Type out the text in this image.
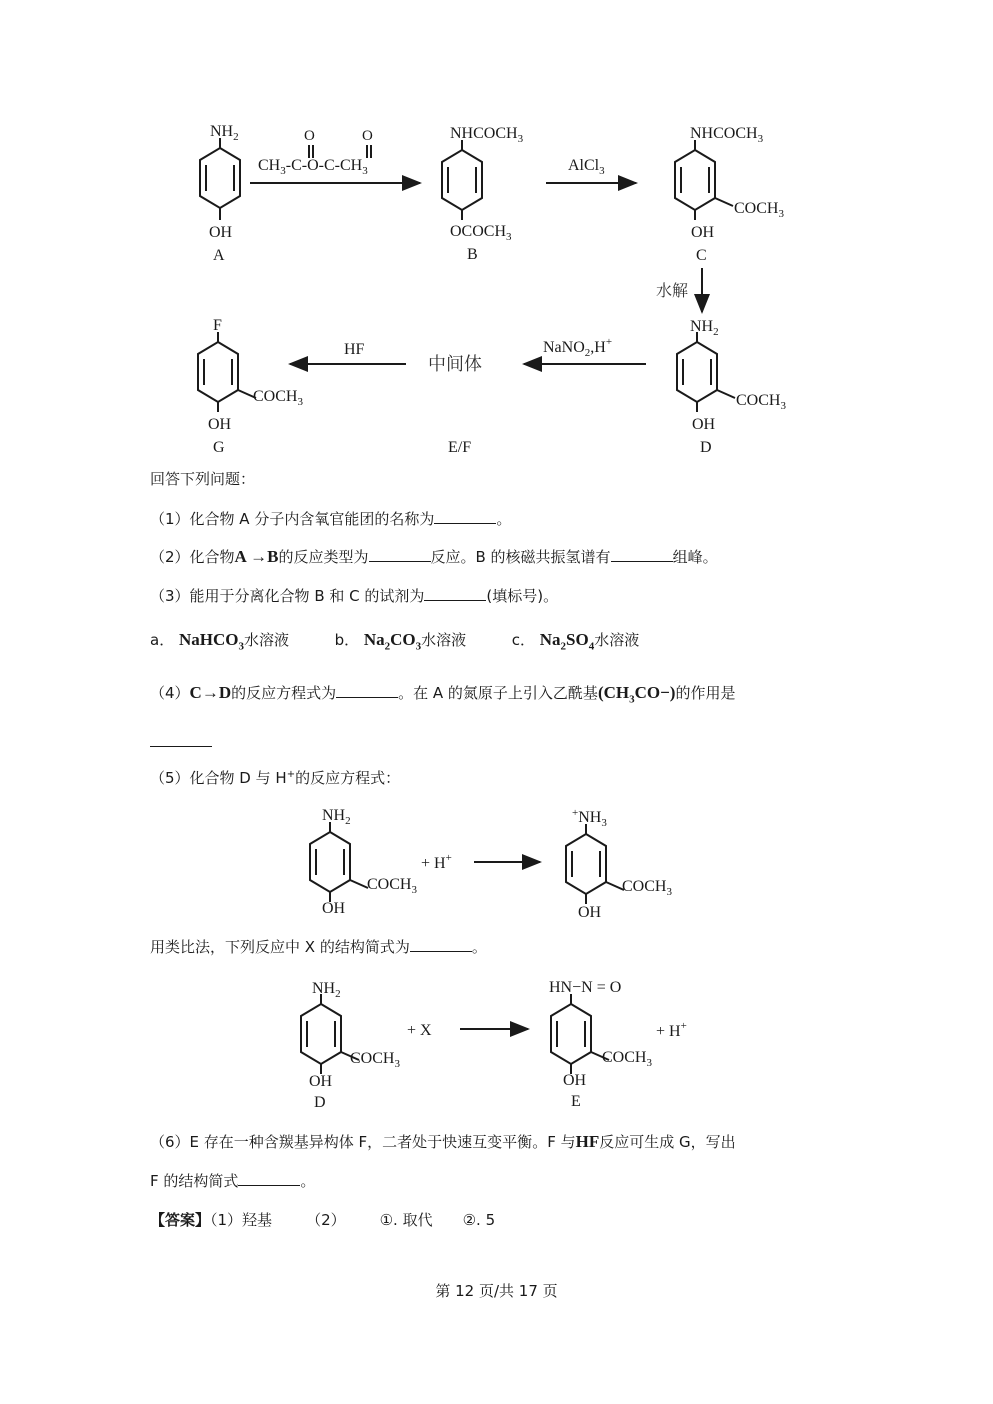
$NH_2$
OH
A
O	O
$CH_3-C-O-C-CH_3$
$NHCOCH_3$
$OCOCH_3$
B
AlCl$_3$
$NHCOCH_3$
$COCH_3$
OH
C
水解
$NH_2$
$COCH_3$
OH
D
NaNO$_2$,H+
中间体
E/F
HF
F
$COCH_3$
OH
G
$NH_2$
$COCH_3$
OH
+ H+
$^+NH_3$
$COCH_3$
OH
$NH_2$
$COCH_3$
OH
D
+ X
HN−N = O
$COCH_3$
OH
E
+ H+
回答下列问题：
（1）化合物 A 分子内含氧官能团的名称为	。
（2）化合物A →B的反应类型为	反应。B 的核磁共振氢谱有	组峰。
（3）能用于分离化合物 B 和 C 的试剂为	(填标号)。
a． NaHCO$_3$水溶液	b． $Na_2CO_3$水溶液	c． $Na_2SO_4$水溶液
（4）C→D的反应方程式为	。在 A 的氮原子上引入乙酰基$(CH_3CO-)$的作用是
（5）化合物 D 与 H+的反应方程式：
用类比法，下列反应中 X 的结构简式为	。
（6）E 存在一种含羰基异构体 F，二者处于快速互变平衡。F 与HF反应可生成 G，写出
F 的结构简式	。
【答案】（1）羟基 （2） ①. 取代 ②. 5
第 12 页/共 17 页
